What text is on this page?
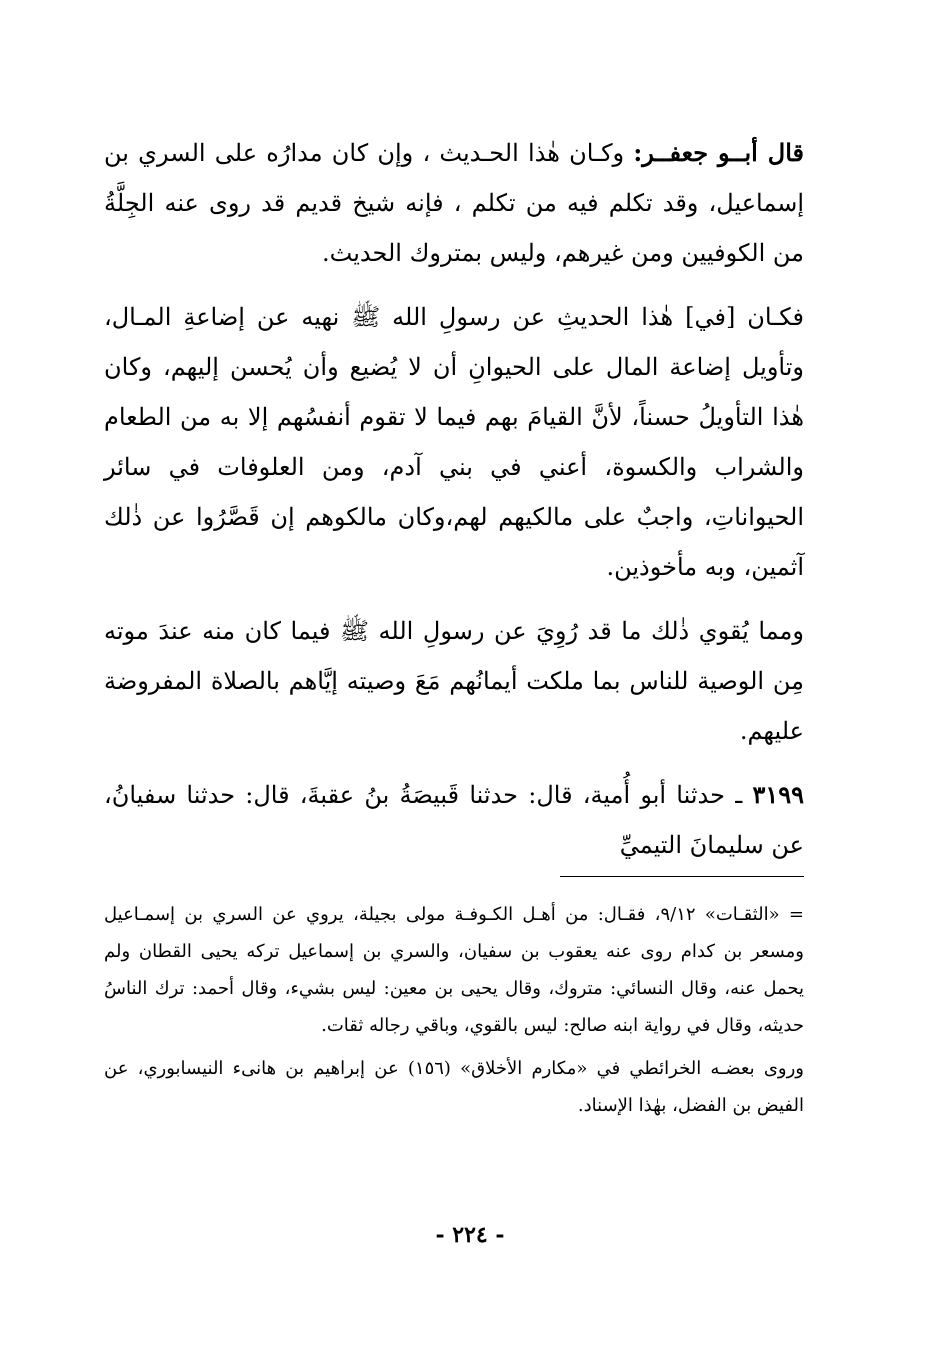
قال أبــو جعفــر: وكـان هٰذا الحـديث ، وإن كان مدارُه على السري بن إسماعيل، وقد تكلم فيه من تكلم ، فإنه شيخ قديم قد روى عنه الجِلَّةُ من الكوفيين ومن غيرهم، وليس بمتروك الحديث.

فكـان [في] هٰذا الحديثِ عن رسولِ الله ﷺ نهيه عن إضاعةِ المـال، وتأويل إضاعة المال على الحيوانِ أن لا يُضيع وأن يُحسن إليهم، وكان هٰذا التأويلُ حسناً، لأنَّ القيامَ بهم فيما لا تقوم أنفسُهم إلا به من الطعام والشراب والكسوة، أعني في بني آدم، ومن العلوفات في سائر الحيواناتِ، واجبٌ على مالكيهم لهم،وكان مالكوهم إن قَصَّرُوا عن ذٰلك آثمين، وبه مأخوذين.

ومما يُقوي ذٰلك ما قد رُوِيَ عن رسولِ الله ﷺ فيما كان منه عندَ موته مِن الوصية للناس بما ملكت أيمانُهم مَعَ وصيته إيَّاهم بالصلاة المفروضة عليهم.

٣١٩٩ ـ حدثنا أبو أُمية، قال: حدثنا قَبيصَةُ بنُ عقبةَ، قال: حدثنا سفيانُ، عن سليمانَ التيميِّ

= «الثقـات» ٩/١٢، فقـال: من أهـل الكـوفـة مولى بجيلة، يروي عن السري بن إسمـاعيل ومسعر بن كدام روى عنه يعقوب بن سفيان، والسري بن إسماعيل تركه يحيى القطان ولم يحمل عنه، وقال النسائي: متروك، وقال يحيى بن معين: ليس بشيء، وقال أحمد: ترك الناسُ حديثه، وقال في رواية ابنه صالح: ليس بالقوي، وباقي رجاله ثقات.

وروى بعضـه الخرائطي في «مكارم الأخلاق» (١٥٦) عن إبراهيم بن هانىء النيسابوري، عن الفيض بن الفضل، بهٰذا الإسناد.

- ٢٢٤ -
